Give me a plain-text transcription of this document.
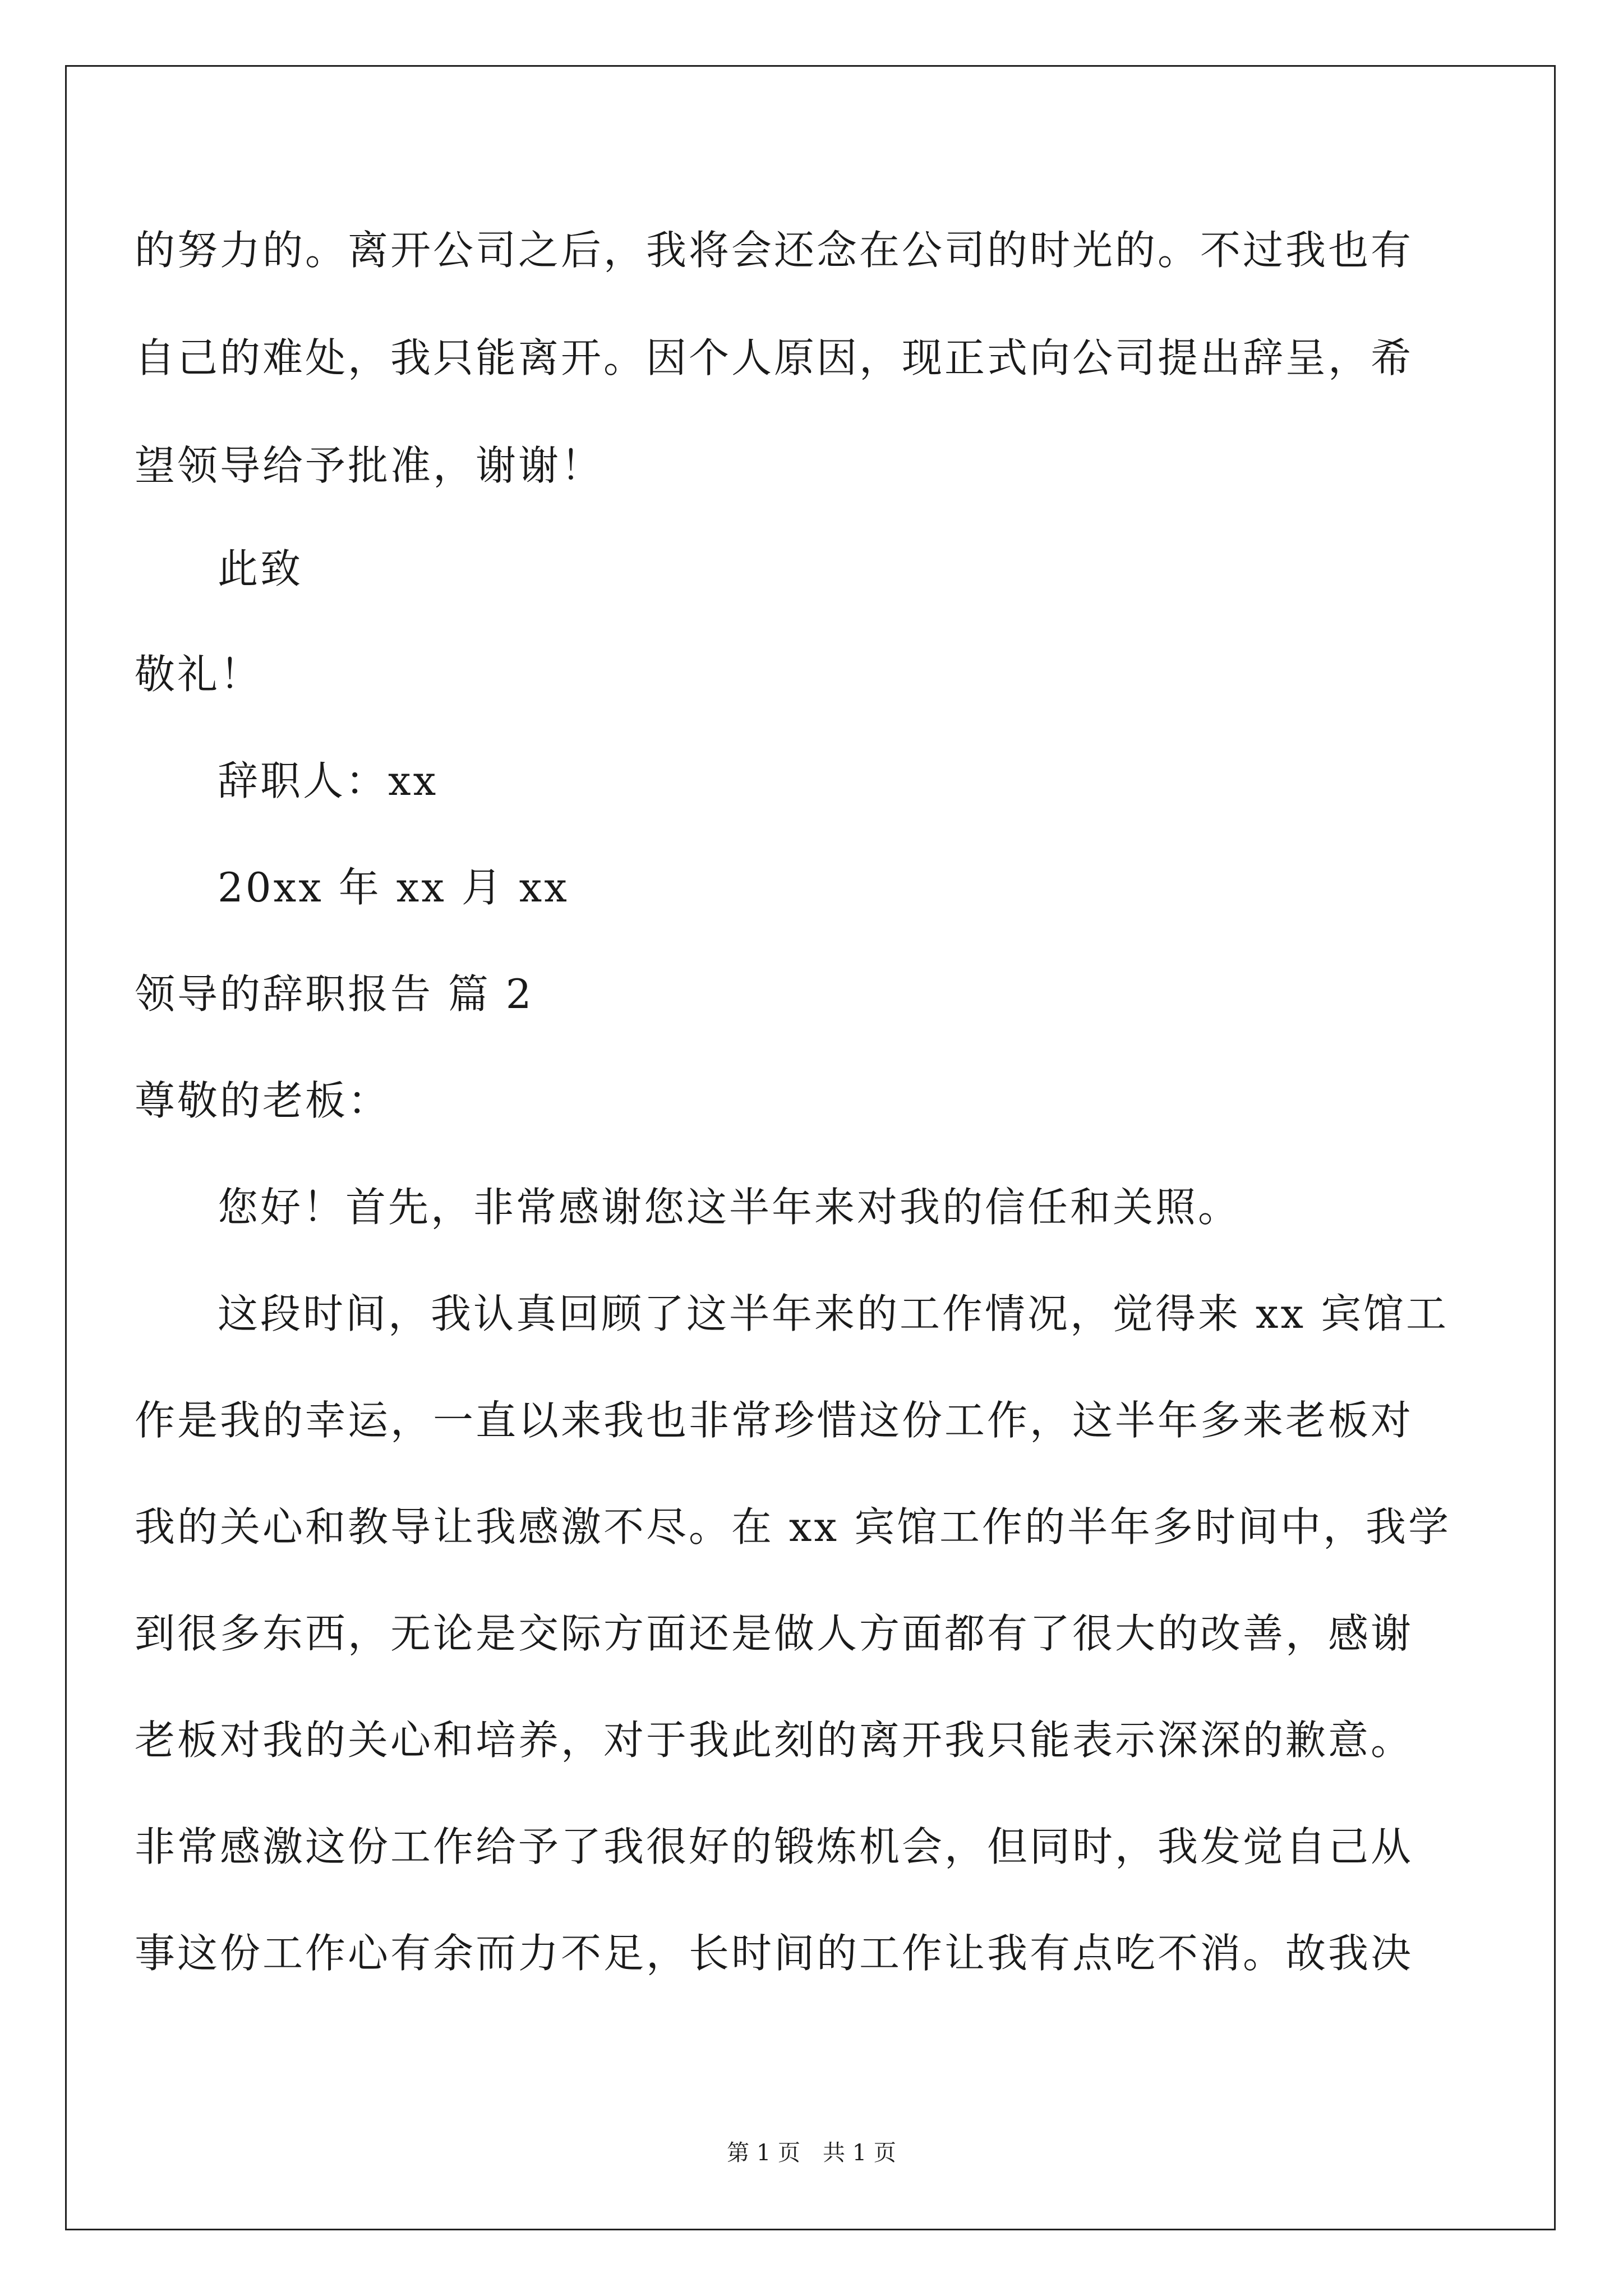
的努力的。离开公司之后，我将会还念在公司的时光的。不过我也有
自己的难处，我只能离开。因个人原因，现正式向公司提出辞呈，希
望领导给予批准，谢谢！
此致
敬礼！
辞职人：xx
20xx 年 xx 月 xx
领导的辞职报告 篇 2
尊敬的老板：
您好！首先，非常感谢您这半年来对我的信任和关照。
这段时间，我认真回顾了这半年来的工作情况，觉得来 xx 宾馆工
作是我的幸运，一直以来我也非常珍惜这份工作，这半年多来老板对
我的关心和教导让我感激不尽。在 xx 宾馆工作的半年多时间中，我学
到很多东西，无论是交际方面还是做人方面都有了很大的改善，感谢
老板对我的关心和培养，对于我此刻的离开我只能表示深深的歉意。
非常感激这份工作给予了我很好的锻炼机会，但同时，我发觉自己从
事这份工作心有余而力不足，长时间的工作让我有点吃不消。故我决
第 1 页　共 1 页
